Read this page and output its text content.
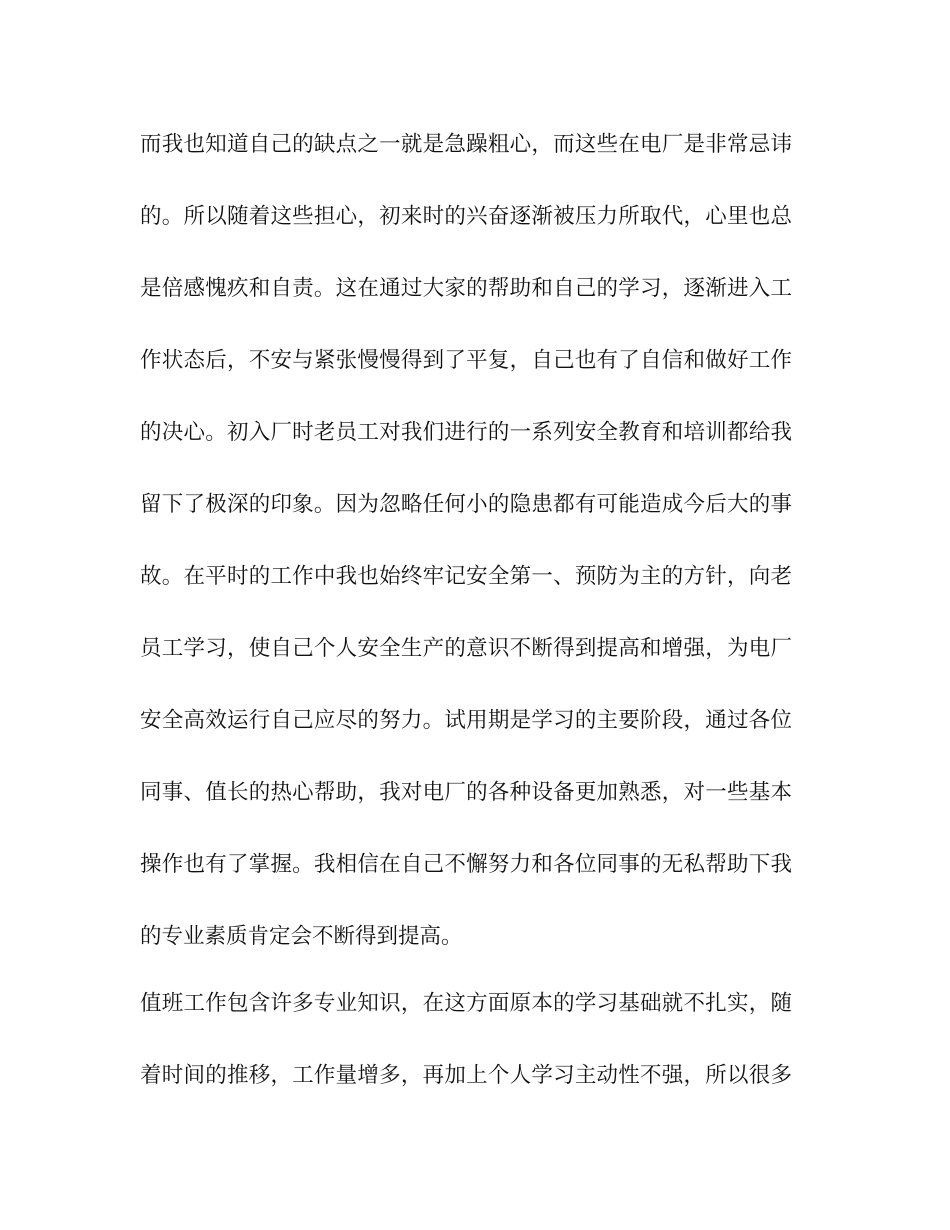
而我也知道自己的缺点之一就是急躁粗心，而这些在电厂是非常忌讳
的。所以随着这些担心，初来时的兴奋逐渐被压力所取代，心里也总
是倍感愧疚和自责。这在通过大家的帮助和自己的学习，逐渐进入工
作状态后，不安与紧张慢慢得到了平复，自己也有了自信和做好工作
的决心。初入厂时老员工对我们进行的一系列安全教育和培训都给我
留下了极深的印象。因为忽略任何小的隐患都有可能造成今后大的事
故。在平时的工作中我也始终牢记安全第一、预防为主的方针，向老
员工学习，使自己个人安全生产的意识不断得到提高和增强，为电厂
安全高效运行自己应尽的努力。试用期是学习的主要阶段，通过各位
同事、值长的热心帮助，我对电厂的各种设备更加熟悉，对一些基本
操作也有了掌握。我相信在自己不懈努力和各位同事的无私帮助下我
的专业素质肯定会不断得到提高。
值班工作包含许多专业知识，在这方面原本的学习基础就不扎实，随
着时间的推移，工作量增多，再加上个人学习主动性不强，所以很多
